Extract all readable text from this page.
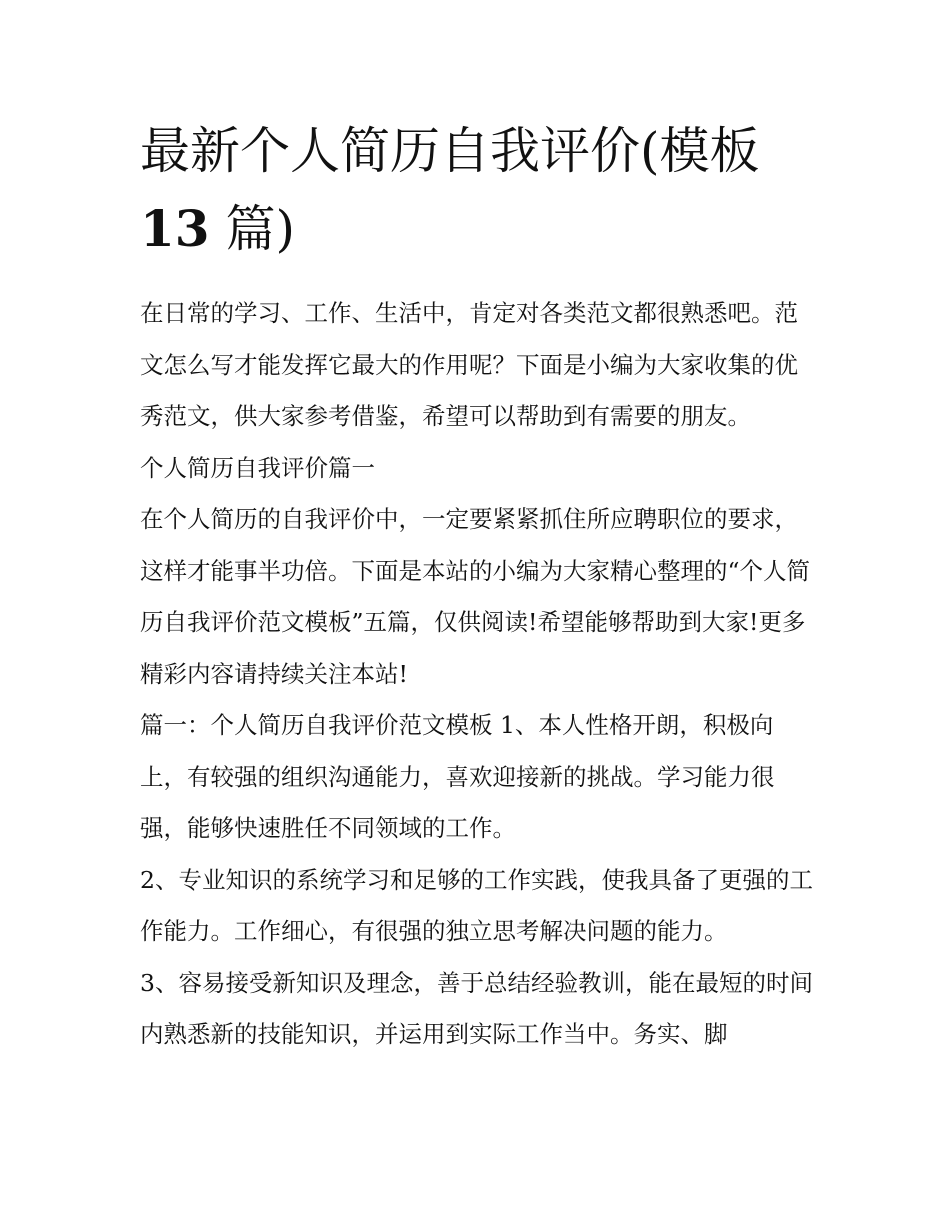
最新个人简历自我评价(模板
13 篇)

在日常的学习、工作、生活中，肯定对各类范文都很熟悉吧。范文怎么写才能发挥它最大的作用呢？下面是小编为大家收集的优秀范文，供大家参考借鉴，希望可以帮助到有需要的朋友。

个人简历自我评价篇一

在个人简历的自我评价中，一定要紧紧抓住所应聘职位的要求，这样才能事半功倍。下面是本站的小编为大家精心整理的“个人简历自我评价范文模板”五篇，仅供阅读!希望能够帮助到大家!更多精彩内容请持续关注本站!

篇一：个人简历自我评价范文模板 1、本人性格开朗，积极向上，有较强的组织沟通能力，喜欢迎接新的挑战。学习能力很强，能够快速胜任不同领域的工作。

2、专业知识的系统学习和足够的工作实践，使我具备了更强的工作能力。工作细心，有很强的独立思考解决问题的能力。

3、容易接受新知识及理念，善于总结经验教训，能在最短的时间内熟悉新的技能知识，并运用到实际工作当中。务实、脚
